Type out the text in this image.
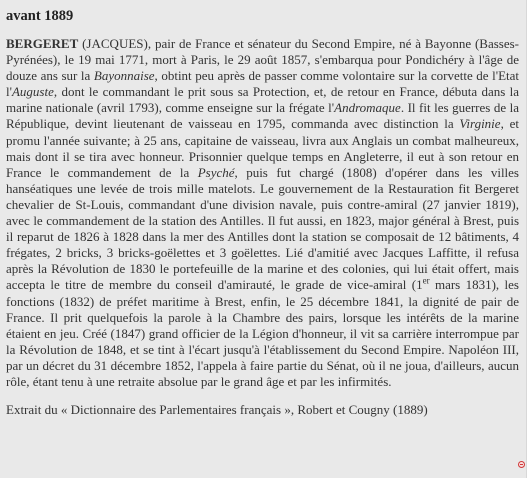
avant 1889

BERGERET (JACQUES), pair de France et sénateur du Second Empire, né à Bayonne (Basses-Pyrénées), le 19 mai 1771, mort à Paris, le 29 août 1857, s'embarqua pour Pondichéry à l'âge de douze ans sur la Bayonnaise, obtint peu après de passer comme volontaire sur la corvette de l'Etat l'Auguste, dont le commandant le prit sous sa Protection, et, de retour en France, débuta dans la marine nationale (avril 1793), comme enseigne sur la frégate l'Andromaque. Il fit les guerres de la République, devint lieutenant de vaisseau en 1795, commanda avec distinction la Virginie, et promu l'année suivante; à 25 ans, capitaine de vaisseau, livra aux Anglais un combat malheureux, mais dont il se tira avec honneur. Prisonnier quelque temps en Angleterre, il eut à son retour en France le commandement de la Psyché, puis fut chargé (1808) d'opérer dans les villes hanséatiques une levée de trois mille matelots. Le gouvernement de la Restauration fit Bergeret chevalier de St-Louis, commandant d'une division navale, puis contre-amiral (27 janvier 1819), avec le commandement de la station des Antilles. Il fut aussi, en 1823, major général à Brest, puis il reparut de 1826 à 1828 dans la mer des Antilles dont la station se composait de 12 bâtiments, 4 frégates, 2 bricks, 3 bricks-goëlettes et 3 goëlettes. Lié d'amitié avec Jacques Laffitte, il refusa après la Révolution de 1830 le portefeuille de la marine et des colonies, qui lui était offert, mais accepta le titre de membre du conseil d'amirauté, le grade de vice-amiral (1er mars 1831), les fonctions (1832) de préfet maritime à Brest, enfin, le 25 décembre 1841, la dignité de pair de France. Il prit quelquefois la parole à la Chambre des pairs, lorsque les intérêts de la marine étaient en jeu. Créé (1847) grand officier de la Légion d'honneur, il vit sa carrière interrompue par la Révolution de 1848, et se tint à l'écart jusqu'à l'établissement du Second Empire. Napoléon III, par un décret du 31 décembre 1852, l'appela à faire partie du Sénat, où il ne joua, d'ailleurs, aucun rôle, étant tenu à une retraite absolue par le grand âge et par les infirmités.

Extrait du « Dictionnaire des Parlementaires français », Robert et Cougny (1889)
